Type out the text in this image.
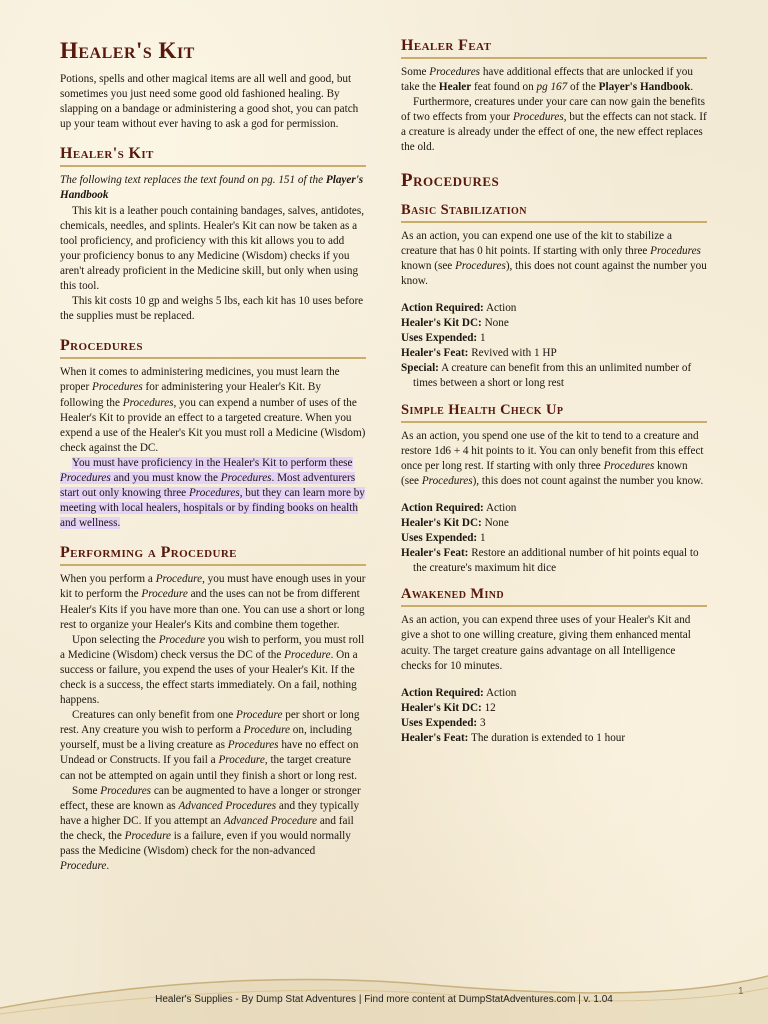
Healer's Kit

Potions, spells and other magical items are all well and good, but sometimes you just need some good old fashioned healing. By slapping on a bandage or administering a good shot, you can patch up your team without ever having to ask a god for permission.

Healer's Kit

The following text replaces the text found on pg. 151 of the Player's Handbook

This kit is a leather pouch containing bandages, salves, antidotes, chemicals, needles, and splints. Healer's Kit can now be taken as a tool proficiency, and proficiency with this kit allows you to add your proficiency bonus to any Medicine (Wisdom) checks if you aren't already proficient in the Medicine skill, but only when using this tool.

This kit costs 10 gp and weighs 5 lbs, each kit has 10 uses before the supplies must be replaced.

Procedures

When it comes to administering medicines, you must learn the proper Procedures for administering your Healer's Kit. By following the Procedures, you can expend a number of uses of the Healer's Kit to provide an effect to a targeted creature. When you expend a use of the Healer's Kit you must roll a Medicine (Wisdom) check against the DC.

You must have proficiency in the Healer's Kit to perform these Procedures and you must know the Procedures. Most adventurers start out only knowing three Procedures, but they can learn more by meeting with local healers, hospitals or by finding books on health and wellness.

Performing a Procedure

When you perform a Procedure, you must have enough uses in your kit to perform the Procedure and the uses can not be from different Healer's Kits if you have more than one. You can use a short or long rest to organize your Healer's Kits and combine them together.

Upon selecting the Procedure you wish to perform, you must roll a Medicine (Wisdom) check versus the DC of the Procedure. On a success or failure, you expend the uses of your Healer's Kit. If the check is a success, the effect starts immediately. On a fail, nothing happens.

Creatures can only benefit from one Procedure per short or long rest. Any creature you wish to perform a Procedure on, including yourself, must be a living creature as Procedures have no effect on Undead or Constructs. If you fail a Procedure, the target creature can not be attempted on again until they finish a short or long rest.

Some Procedures can be augmented to have a longer or stronger effect, these are known as Advanced Procedures and they typically have a higher DC. If you attempt an Advanced Procedure and fail the check, the Procedure is a failure, even if you would normally pass the Medicine (Wisdom) check for the non-advanced Procedure.

Healer Feat

Some Procedures have additional effects that are unlocked if you take the Healer feat found on pg 167 of the Player's Handbook.

Furthermore, creatures under your care can now gain the benefits of two effects from your Procedures, but the effects can not stack. If a creature is already under the effect of one, the new effect replaces the old.

Procedures
Basic Stabilization

As an action, you can expend one use of the kit to stabilize a creature that has 0 hit points. If starting with only three Procedures known (see Procedures), this does not count against the number you know.

Action Required: Action

Healer's Kit DC: None

Uses Expended: 1

Healer's Feat: Revived with 1 HP

Special: A creature can benefit from this an unlimited number of times between a short or long rest

Simple Health Check Up

As an action, you spend one use of the kit to tend to a creature and restore 1d6 + 4 hit points to it. You can only benefit from this effect once per long rest. If starting with only three Procedures known (see Procedures), this does not count against the number you know.

Action Required: Action

Healer's Kit DC: None

Uses Expended: 1

Healer's Feat: Restore an additional number of hit points equal to the creature's maximum hit dice

Awakened Mind

As an action, you can expend three uses of your Healer's Kit and give a shot to one willing creature, giving them enhanced mental acuity. The target creature gains advantage on all Intelligence checks for 10 minutes.

Action Required: Action

Healer's Kit DC: 12

Uses Expended: 3

Healer's Feat: The duration is extended to 1 hour

1
Healer's Supplies - By Dump Stat Adventures | Find more content at DumpStatAdventures.com | v. 1.04
